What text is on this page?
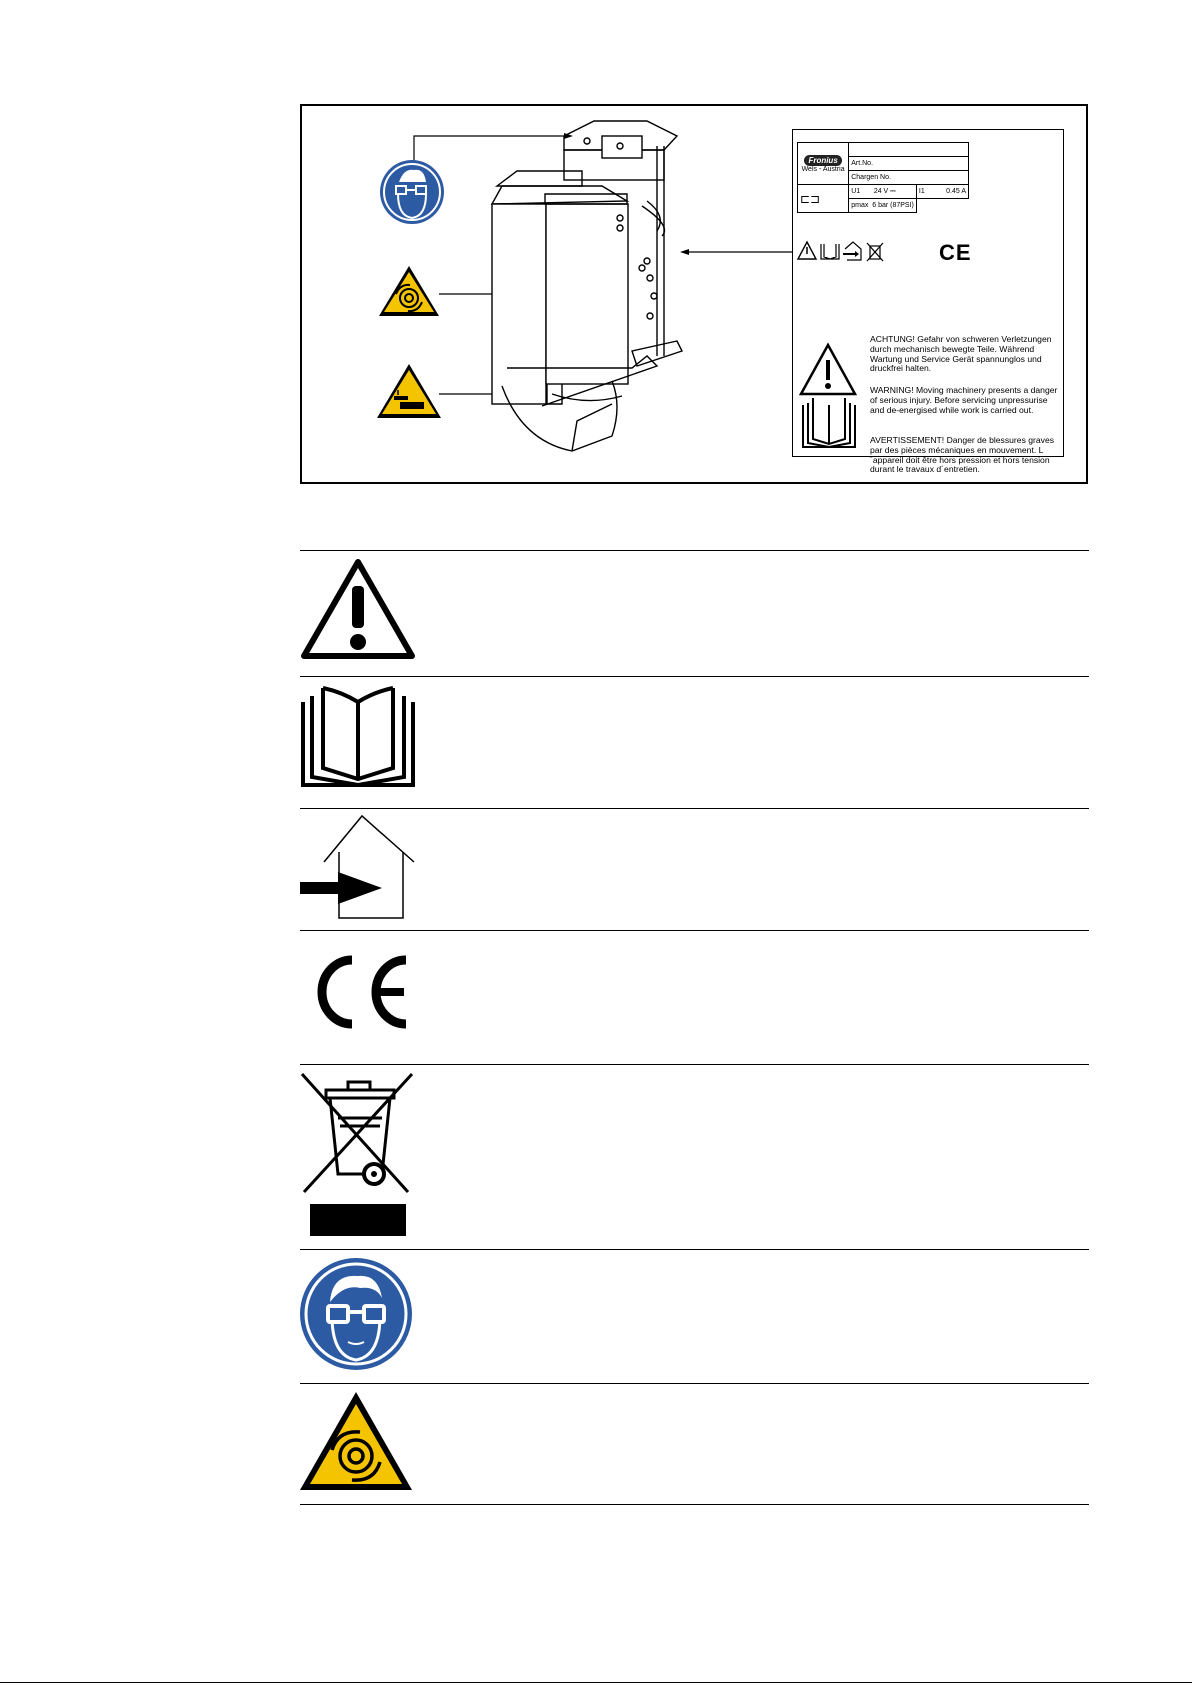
Fronius
Wels - Austria		
	Art.No.	
	Chargen No.	
⊏⊐	U1 24 V ⎓	I1 0.45 A
	pmax 6 bar (87PSI)	
CE
ACHTUNG! Gefahr von schweren Verletzungen durch mechanisch bewegte Teile. Während Wartung und Service Gerät spannunglos und druckfrei halten.
WARNING! Moving machinery presents a danger of serious injury. Before servicing unpressurise and de-energised while work is carried out.
AVERTISSEMENT! Danger de blessures graves par des pièces mécaniques en mouvement. L´appareil doit être hors pression et hors tension durant le travaux d´entretien.
